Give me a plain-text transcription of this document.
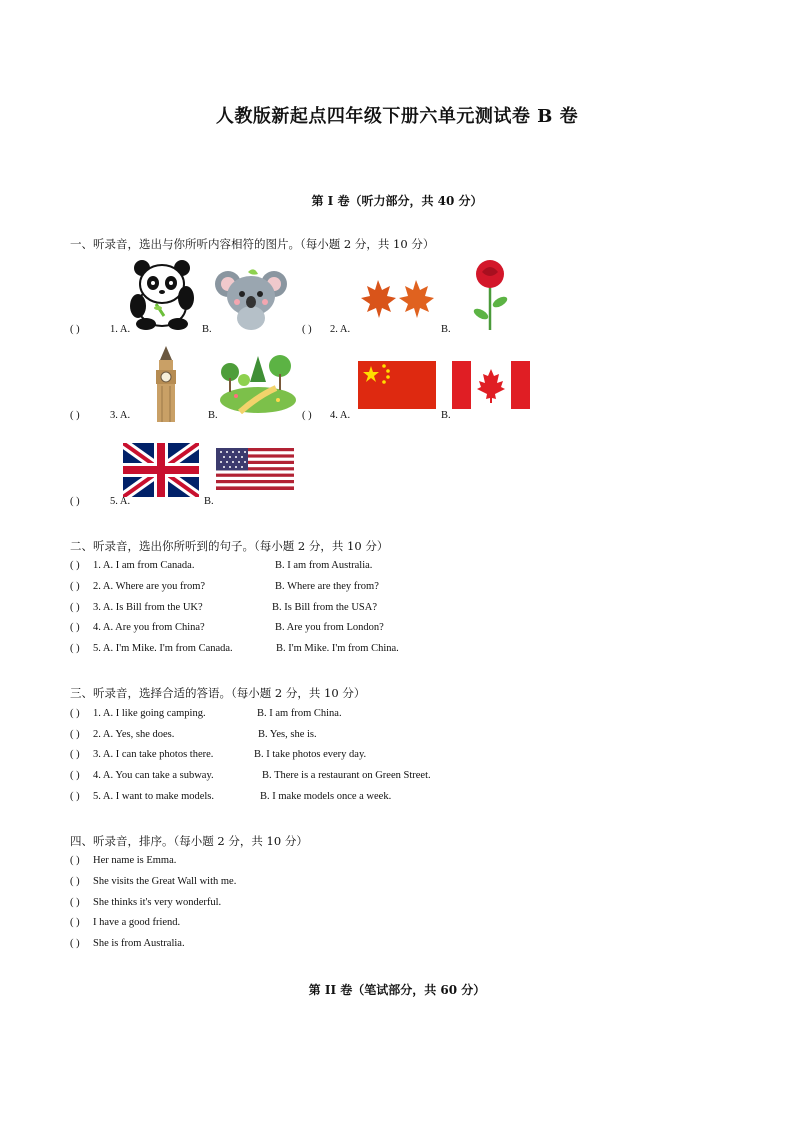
人教版新起点四年级下册六单元测试卷 B 卷
第 I 卷（听力部分，共 40 分）
一、听录音，选出与你所听内容相符的图片。（每小题 2 分，共 10 分）
( )	1. A.	B.	( ) 2. A.	B.
( )	3. A.	B.	( ) 4. A.	B.
( )	5. A.	B.
二、听录音，选出你所听到的句子。（每小题 2 分，共 10 分）
( ) 1. A. I am from Canada.	B. I am from Australia.
( ) 2. A. Where are you from?	B. Where are they from?
( ) 3. A. Is Bill from the UK?	B. Is Bill from the USA?
( ) 4. A. Are you from China?	B. Are you from London?
( ) 5. A. I'm Mike. I'm from Canada.	B. I'm Mike. I'm from China.
三、听录音，选择合适的答语。（每小题 2 分，共 10 分）
( ) 1. A. I like going camping.	B. I am from China.
( ) 2. A. Yes, she does.	B. Yes, she is.
( ) 3. A. I can take photos there.	B. I take photos every day.
( ) 4. A. You can take a subway.	B. There is a restaurant on Green Street.
( ) 5. A. I want to make models.	B. I make models once a week.
四、听录音，排序。（每小题 2 分，共 10 分）
( ) Her name is Emma.
( ) She visits the Great Wall with me.
( ) She thinks it's very wonderful.
( ) I have a good friend.
( ) She is from Australia.
第 II 卷（笔试部分，共 60 分）
